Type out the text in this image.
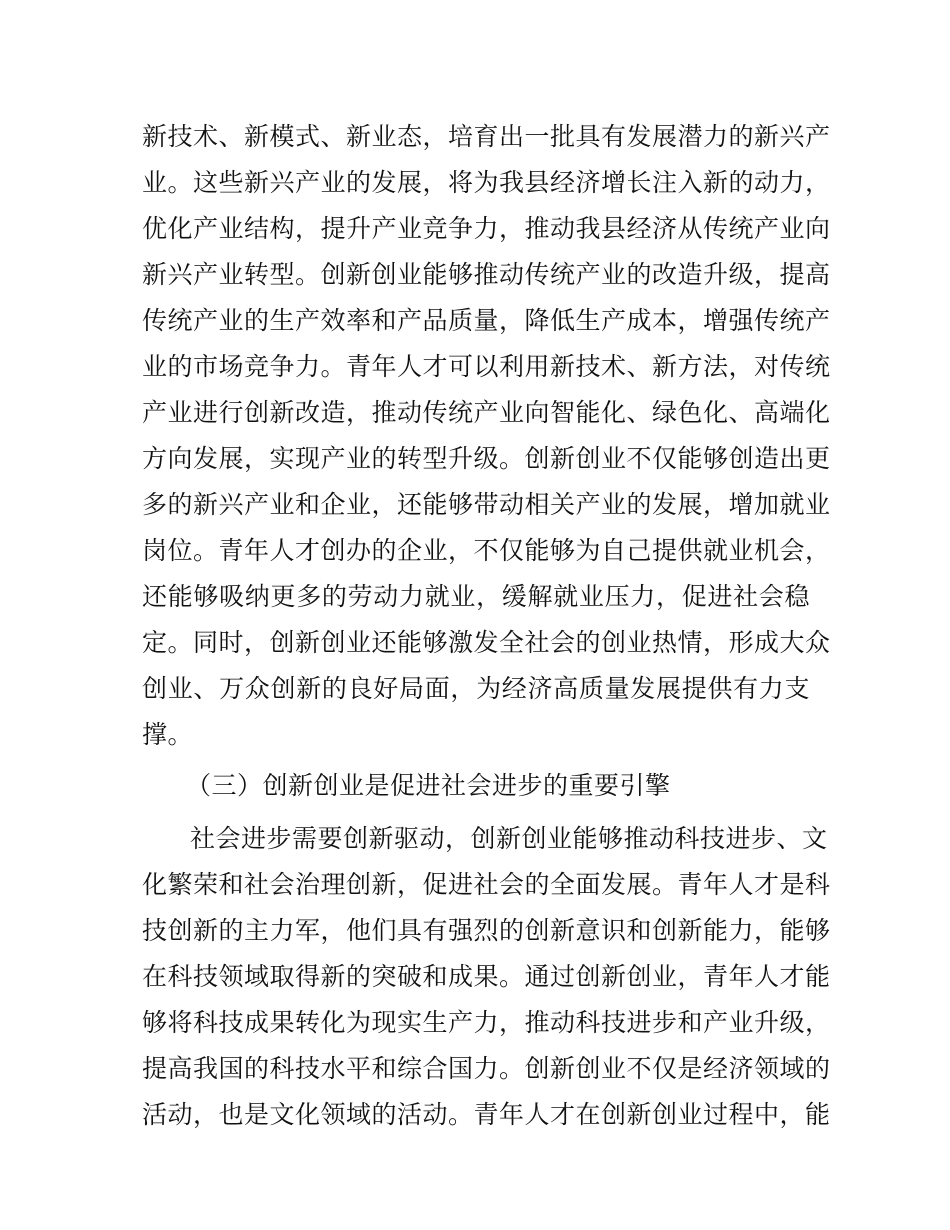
新技术、新模式、新业态，培育出一批具有发展潜力的新兴产
业。这些新兴产业的发展，将为我县经济增长注入新的动力，
优化产业结构，提升产业竞争力，推动我县经济从传统产业向
新兴产业转型。创新创业能够推动传统产业的改造升级，提高
传统产业的生产效率和产品质量，降低生产成本，增强传统产
业的市场竞争力。青年人才可以利用新技术、新方法，对传统
产业进行创新改造，推动传统产业向智能化、绿色化、高端化
方向发展，实现产业的转型升级。创新创业不仅能够创造出更
多的新兴产业和企业，还能够带动相关产业的发展，增加就业
岗位。青年人才创办的企业，不仅能够为自己提供就业机会，
还能够吸纳更多的劳动力就业，缓解就业压力，促进社会稳
定。同时，创新创业还能够激发全社会的创业热情，形成大众
创业、万众创新的良好局面，为经济高质量发展提供有力支
撑。
（三）创新创业是促进社会进步的重要引擎
社会进步需要创新驱动，创新创业能够推动科技进步、文
化繁荣和社会治理创新，促进社会的全面发展。青年人才是科
技创新的主力军，他们具有强烈的创新意识和创新能力，能够
在科技领域取得新的突破和成果。通过创新创业，青年人才能
够将科技成果转化为现实生产力，推动科技进步和产业升级，
提高我国的科技水平和综合国力。创新创业不仅是经济领域的
活动，也是文化领域的活动。青年人才在创新创业过程中，能
